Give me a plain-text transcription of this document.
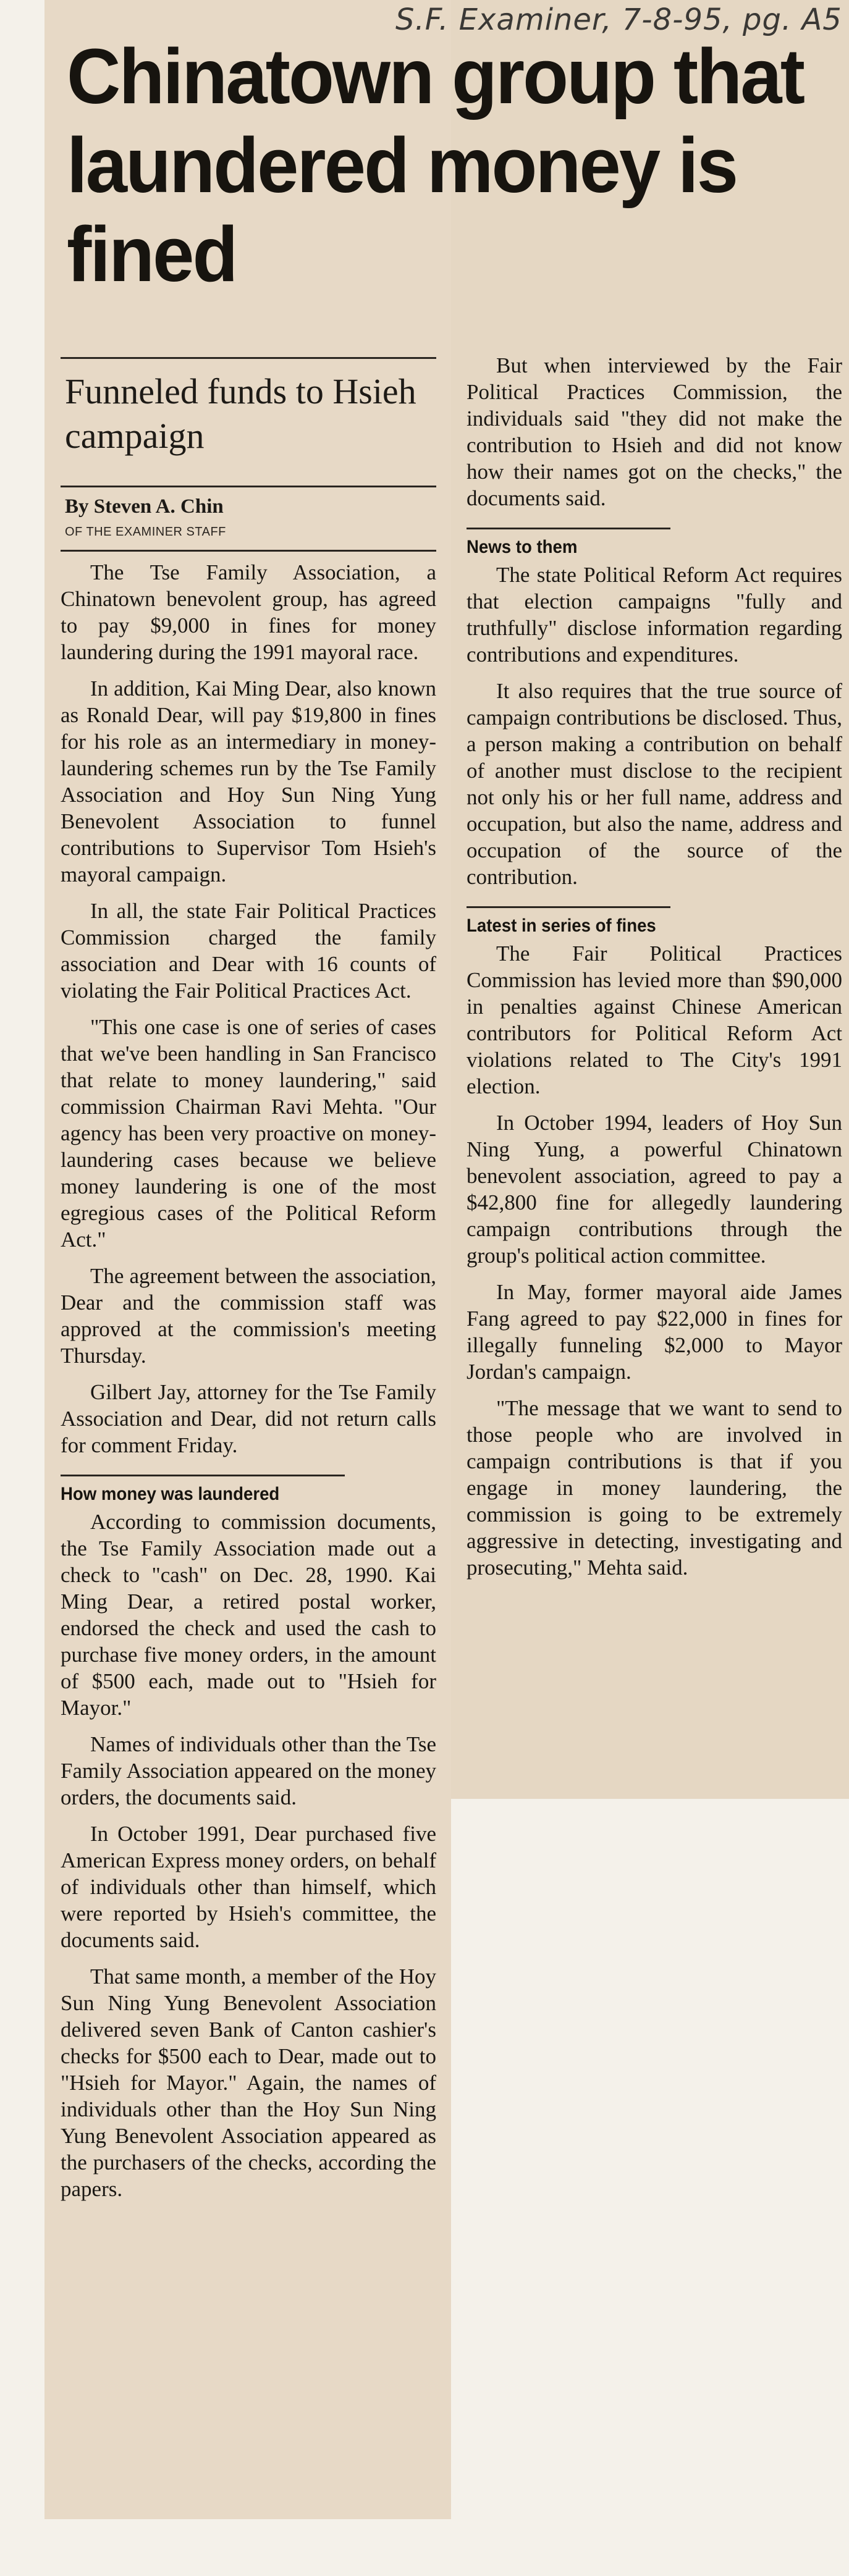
S.F. Examiner, 7-8-95, pg. A5
Chinatown group that laundered money is fined
Funneled funds to Hsieh campaign
By Steven A. Chin
OF THE EXAMINER STAFF

The Tse Family Association, a Chinatown benevolent group, has agreed to pay $9,000 in fines for money laundering during the 1991 mayoral race.

In addition, Kai Ming Dear, also known as Ronald Dear, will pay $19,800 in fines for his role as an intermediary in money-laundering schemes run by the Tse Family Association and Hoy Sun Ning Yung Benevolent Association to funnel contributions to Supervisor Tom Hsieh's mayoral campaign.

In all, the state Fair Political Practices Commission charged the family association and Dear with 16 counts of violating the Fair Political Practices Act.

"This one case is one of series of cases that we've been handling in San Francisco that relate to money laundering," said commission Chairman Ravi Mehta. "Our agency has been very proactive on money-laundering cases because we believe money laundering is one of the most egregious cases of the Political Reform Act."

The agreement between the association, Dear and the commission staff was approved at the commission's meeting Thursday.

Gilbert Jay, attorney for the Tse Family Association and Dear, did not return calls for comment Friday.

How money was laundered

According to commission documents, the Tse Family Association made out a check to "cash" on Dec. 28, 1990. Kai Ming Dear, a retired postal worker, endorsed the check and used the cash to purchase five money orders, in the amount of $500 each, made out to "Hsieh for Mayor."

Names of individuals other than the Tse Family Association appeared on the money orders, the documents said.

In October 1991, Dear purchased five American Express money orders, on behalf of individuals other than himself, which were reported by Hsieh's committee, the documents said.

That same month, a member of the Hoy Sun Ning Yung Benevolent Association delivered seven Bank of Canton cashier's checks for $500 each to Dear, made out to "Hsieh for Mayor." Again, the names of individuals other than the Hoy Sun Ning Yung Benevolent Association appeared as the purchasers of the checks, according the papers.

But when interviewed by the Fair Political Practices Commission, the individuals said "they did not make the contribution to Hsieh and did not know how their names got on the checks," the documents said.

News to them

The state Political Reform Act requires that election campaigns "fully and truthfully" disclose information regarding contributions and expenditures.

It also requires that the true source of campaign contributions be disclosed. Thus, a person making a contribution on behalf of another must disclose to the recipient not only his or her full name, address and occupation, but also the name, address and occupation of the source of the contribution.

Latest in series of fines

The Fair Political Practices Commission has levied more than $90,000 in penalties against Chinese American contributors for Political Reform Act violations related to The City's 1991 election.

In October 1994, leaders of Hoy Sun Ning Yung, a powerful Chinatown benevolent association, agreed to pay a $42,800 fine for allegedly laundering campaign contributions through the group's political action committee.

In May, former mayoral aide James Fang agreed to pay $22,000 in fines for illegally funneling $2,000 to Mayor Jordan's campaign.

"The message that we want to send to those people who are involved in campaign contributions is that if you engage in money laundering, the commission is going to be extremely aggressive in detecting, investigating and prosecuting," Mehta said.
